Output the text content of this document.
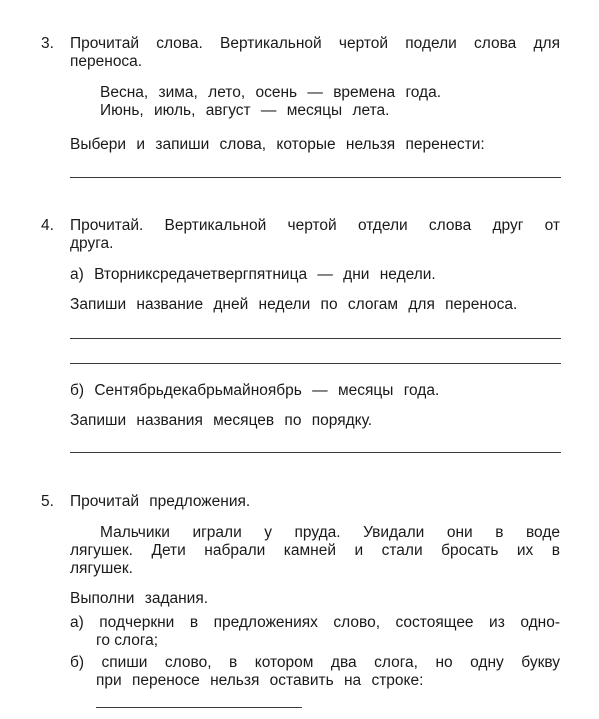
3. Прочитай слова. Вертикальной чертой подели слова для
переноса.
Весна, зима, лето, осень — времена года.
Июнь, июль, август — месяцы лета.
Выбери и запиши слова, которые нельзя перенести:
4. Прочитай. Вертикальной чертой отдели слова друг от
друга.
а) Вторниксредачетвергпятница — дни недели.
Запиши название дней недели по слогам для переноса.
б) Сентябрьдекабрьмайноябрь — месяцы года.
Запиши названия месяцев по порядку.
5. Прочитай предложения.
Мальчики играли у пруда. Увидали они в воде
лягушек. Дети набрали камней и стали бросать их в
лягушек.
Выполни задания.
а) подчеркни в предложениях слово, состоящее из одно-
го слога;
б) спиши слово, в котором два слога, но одну букву
при переносе нельзя оставить на строке:
